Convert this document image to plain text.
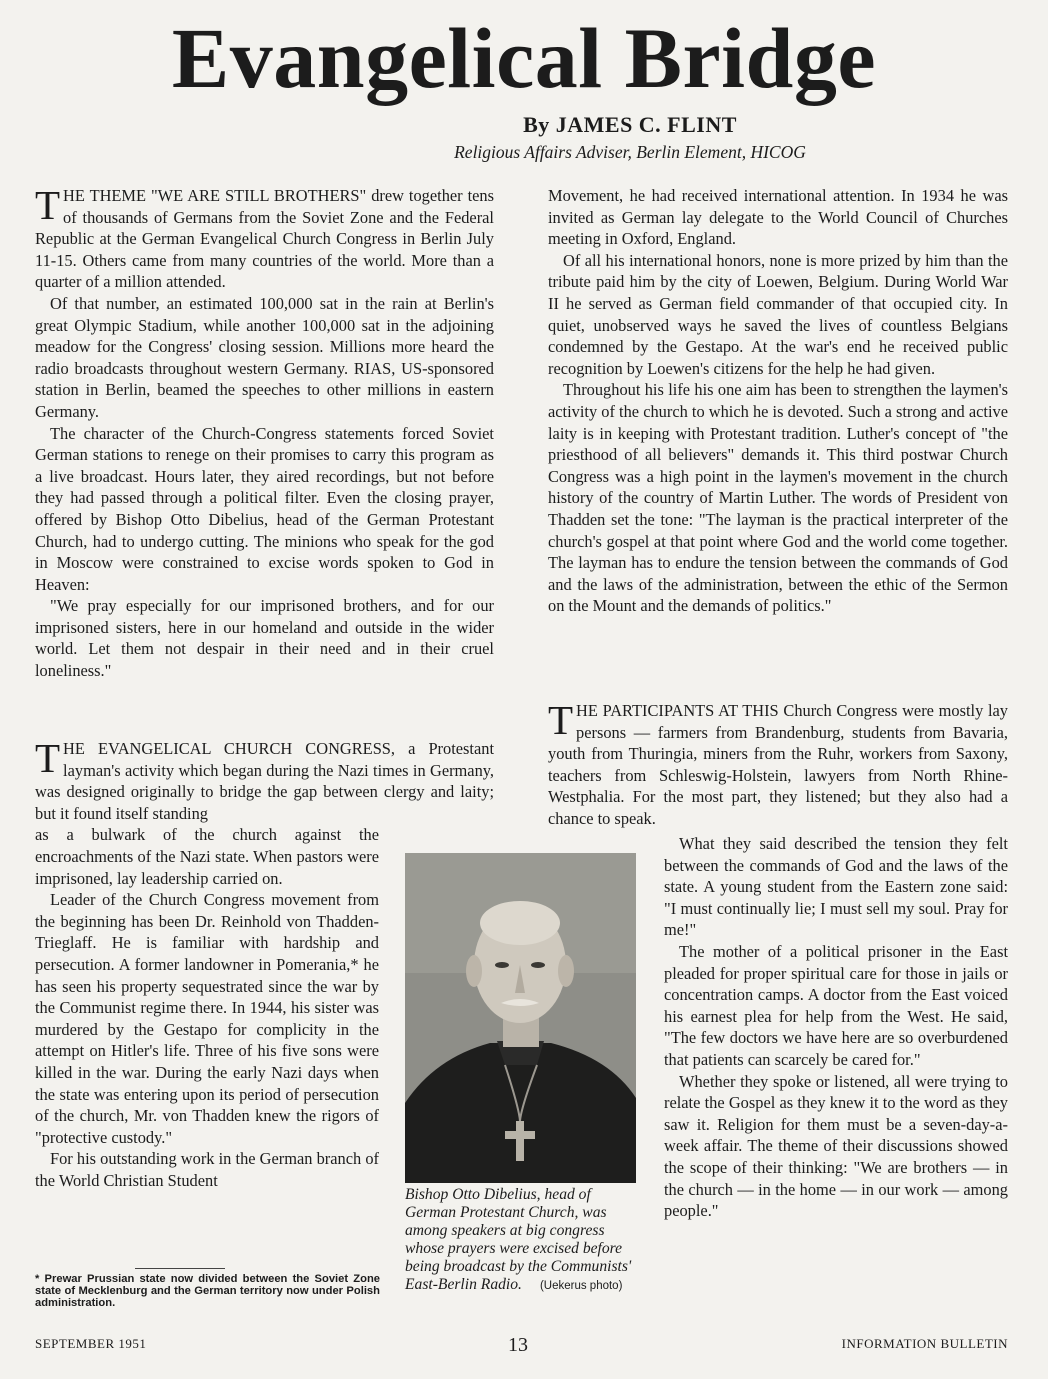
Evangelical Bridge
By JAMES C. FLINT
Religious Affairs Adviser, Berlin Element, HICOG

THE THEME "WE ARE STILL BROTHERS" drew together tens of thousands of Germans from the Soviet Zone and the Federal Republic at the German Evangelical Church Congress in Berlin July 11-15. Others came from many countries of the world. More than a quarter of a million attended.

Of that number, an estimated 100,000 sat in the rain at Berlin's great Olympic Stadium, while another 100,000 sat in the adjoining meadow for the Congress' closing session. Millions more heard the radio broadcasts throughout western Germany. RIAS, US-sponsored station in Berlin, beamed the speeches to other millions in eastern Germany.

The character of the Church-Congress statements forced Soviet German stations to renege on their promises to carry this program as a live broadcast. Hours later, they aired recordings, but not before they had passed through a political filter. Even the closing prayer, offered by Bishop Otto Dibelius, head of the German Protestant Church, had to undergo cutting. The minions who speak for the god in Moscow were constrained to excise words spoken to God in Heaven:

"We pray especially for our imprisoned brothers, and for our imprisoned sisters, here in our homeland and outside in the wider world. Let them not despair in their need and in their cruel loneliness."

THE EVANGELICAL CHURCH CONGRESS, a Protestant layman's activity which began during the Nazi times in Germany, was designed originally to bridge the gap between clergy and laity; but it found itself standing

as a bulwark of the church against the encroachments of the Nazi state. When pastors were imprisoned, lay leadership carried on.

Leader of the Church Congress movement from the beginning has been Dr. Reinhold von Thadden-Trieglaff. He is familiar with hardship and persecution. A former landowner in Pomerania,* he has seen his property sequestrated since the war by the Communist regime there. In 1944, his sister was murdered by the Gestapo for complicity in the attempt on Hitler's life. Three of his five sons were killed in the war. During the early Nazi days when the state was entering upon its period of persecution of the church, Mr. von Thadden knew the rigors of "protective custody."

For his outstanding work in the German branch of the World Christian Student

* Prewar Prussian state now divided between the Soviet Zone state of Mecklenburg and the German territory now under Polish administration.

Movement, he had received international attention. In 1934 he was invited as German lay delegate to the World Council of Churches meeting in Oxford, England.

Of all his international honors, none is more prized by him than the tribute paid him by the city of Loewen, Belgium. During World War II he served as German field commander of that occupied city. In quiet, unobserved ways he saved the lives of countless Belgians condemned by the Gestapo. At the war's end he received public recognition by Loewen's citizens for the help he had given.

Throughout his life his one aim has been to strengthen the laymen's activity of the church to which he is devoted. Such a strong and active laity is in keeping with Protestant tradition. Luther's concept of "the priesthood of all believers" demands it. This third postwar Church Congress was a high point in the laymen's movement in the church history of the country of Martin Luther. The words of President von Thadden set the tone: "The layman is the practical interpreter of the church's gospel at that point where God and the world come together. The layman has to endure the tension between the commands of God and the laws of the administration, between the ethic of the Sermon on the Mount and the demands of politics."

THE PARTICIPANTS AT THIS Church Congress were mostly lay persons — farmers from Brandenburg, students from Bavaria, youth from Thuringia, miners from the Ruhr, workers from Saxony, teachers from Schleswig-Holstein, lawyers from North Rhine-Westphalia. For the most part, they listened; but they also had a chance to speak.

What they said described the tension they felt between the commands of God and the laws of the state. A young student from the Eastern zone said: "I must continually lie; I must sell my soul. Pray for me!"

The mother of a political prisoner in the East pleaded for proper spiritual care for those in jails or concentration camps. A doctor from the East voiced his earnest plea for help from the West. He said, "The few doctors we have here are so overburdened that patients can scarcely be cared for."

Whether they spoke or listened, all were trying to relate the Gospel as they knew it to the word as they saw it. Religion for them must be a seven-day-a-week affair. The theme of their discussions showed the scope of their thinking: "We are brothers — in the church — in the home — in our work — among people."

Bishop Otto Dibelius, head of German Protestant Church, was among speakers at big congress whose prayers were excised before being broadcast by the Communists' East-Berlin Radio. (Uekerus photo)
SEPTEMBER 1951	13	INFORMATION BULLETIN
